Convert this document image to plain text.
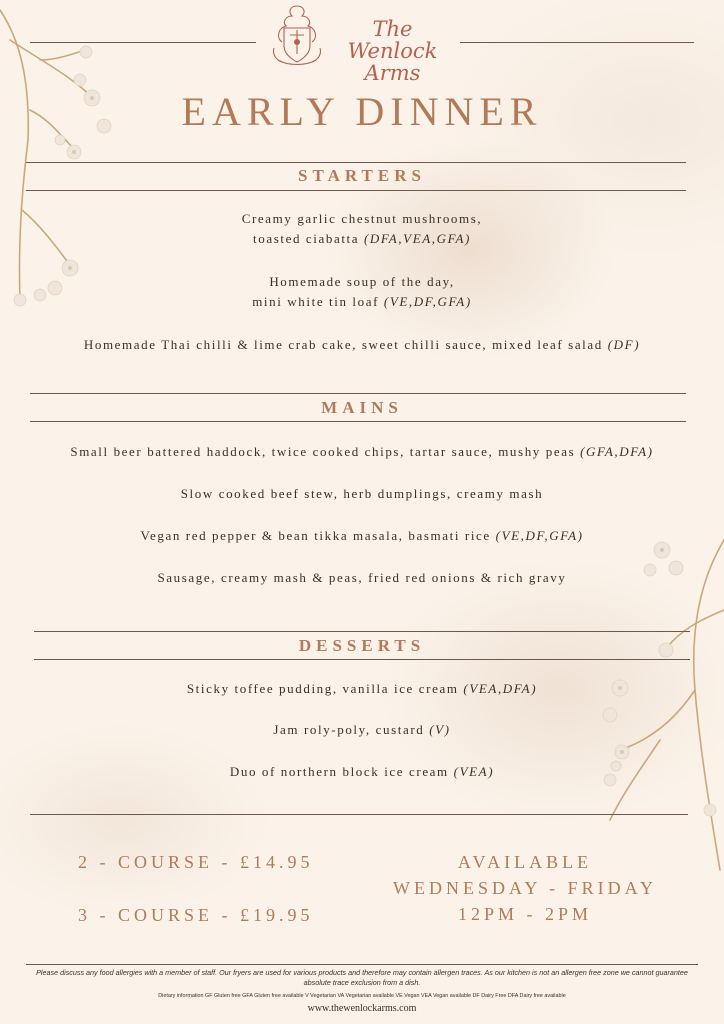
The Wenlock
Arms
EARLY DINNER
STARTERS
Creamy garlic chestnut mushrooms,
toasted ciabatta (DFA,VEA,GFA)
Homemade soup of the day,
mini white tin loaf (VE,DF,GFA)
Homemade Thai chilli & lime crab cake, sweet chilli sauce, mixed leaf salad (DF)
MAINS
Small beer battered haddock, twice cooked chips, tartar sauce, mushy peas (GFA,DFA)
Slow cooked beef stew, herb dumplings, creamy mash
Vegan red pepper & bean tikka masala, basmati rice (VE,DF,GFA)
Sausage, creamy mash & peas, fried red onions & rich gravy
DESSERTS
Sticky toffee pudding, vanilla ice cream (VEA,DFA)
Jam roly-poly, custard (V)
Duo of northern block ice cream (VEA)
2 - COURSE - £14.95
3 - COURSE - £19.95
AVAILABLE
WEDNESDAY - FRIDAY
12PM - 2PM
Please discuss any food allergies with a member of staff. Our fryers are used for various products and therefore may contain allergen traces. As our kitchen is not an allergen free zone we cannot guarantee absolute trace exclusion from a dish.
Dietary information GF Gluten free GFA Gluten free available V Vegetarian VA Vegetarian available VE Vegan VEA Vegan available DF Dairy Free DFA Dairy free available
www.thewenlockarms.com
